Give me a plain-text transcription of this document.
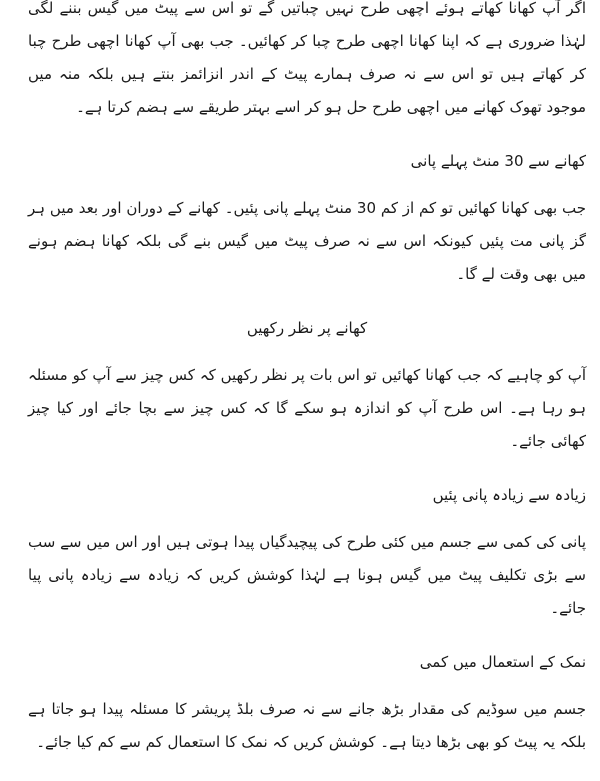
اگر آپ کھانا کھاتے ہوئے اچھی طرح نہیں چباتیں گے تو اس سے پیٹ میں گیس بننے لگی لہٰذا ضروری ہے کہ اپنا کھانا اچھی طرح چبا کر کھائیں۔ جب بھی آپ کھانا اچھی طرح چبا کر کھاتے ہیں تو اس سے نہ صرف ہمارے پیٹ کے اندر انزائمز بنتے ہیں بلکہ منہ میں موجود تھوک کھانے میں اچھی طرح حل ہو کر اسے بہتر طریقے سے ہضم کرتا ہے۔

کھانے سے 30 منٹ پہلے پانی

جب بھی کھانا کھائیں تو کم از کم 30 منٹ پہلے پانی پئیں۔ کھانے کے دوران اور بعد میں ہر گز پانی مت پئیں کیونکہ اس سے نہ صرف پیٹ میں گیس بنے گی بلکہ کھانا ہضم ہونے میں بھی وقت لے گا۔

کھانے پر نظر رکھیں

آپ کو چاہیے کہ جب کھانا کھائیں تو اس بات پر نظر رکھیں کہ کس چیز سے آپ کو مسئلہ ہو رہا ہے۔ اس طرح آپ کو اندازہ ہو سکے گا کہ کس چیز سے بچا جائے اور کیا چیز کھائی جائے۔

زیادہ سے زیادہ پانی پئیں

پانی کی کمی سے جسم میں کئی طرح کی پیچیدگیاں پیدا ہوتی ہیں اور اس میں سے سب سے بڑی تکلیف پیٹ میں گیس ہونا ہے لہٰذا کوشش کریں کہ زیادہ سے زیادہ پانی پیا جائے۔

نمک کے استعمال میں کمی

جسم میں سوڈیم کی مقدار بڑھ جانے سے نہ صرف بلڈ پریشر کا مسئلہ پیدا ہو جاتا ہے بلکہ یہ پیٹ کو بھی بڑھا دیتا ہے۔ کوشش کریں کہ نمک کا استعمال کم سے کم کیا جائے۔
